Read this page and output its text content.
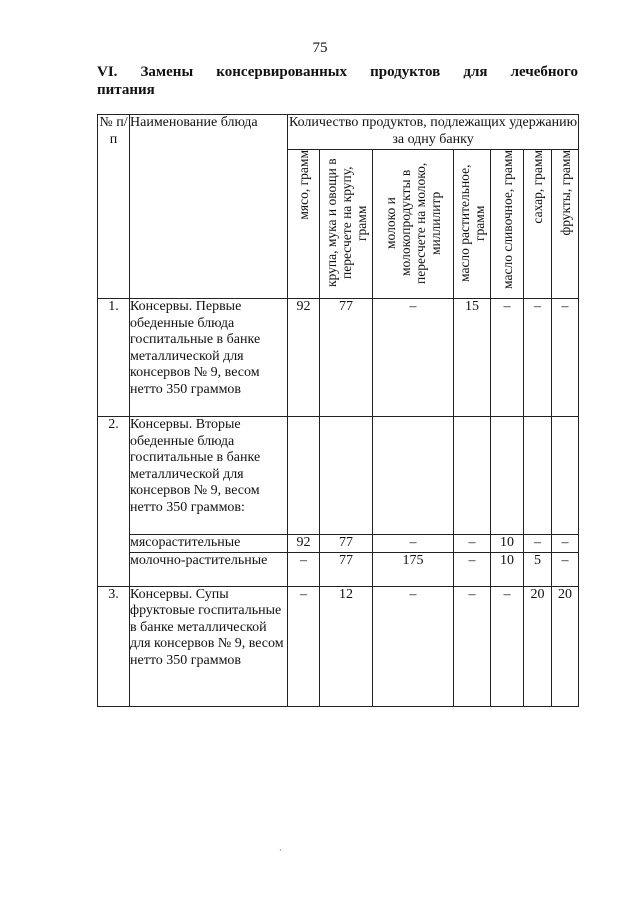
75
VI. Замены консервированных продуктов для лечебного
питания
№ п/п	Наименование блюда	Количество продуктов, подлежащих удержанию за одну банку						

		мясо, грамм	крупа, мука и овощи в пересчете на крупу, грамм	молоко и молокопродукты в пересчете на молоко, миллилитр	масло растительное, грамм	масло сливочное, грамм	сахар, грамм	фрукты, грамм

1.	Консервы. Первые обеденные блюда госпитальные в банке металлической для консервов № 9, весом нетто 350 граммов	92	77	–	15	–	–	–
2.	Консервы. Вторые обеденные блюда госпитальные в банке металлической для консервов № 9, весом нетто 350 граммов:							
	мясорастительные	92	77	–	–	10	–	–
	молочно-растительные	–	77	175	–	10	5	–
3.	Консервы. Супы фруктовые госпитальные в банке металлической для консервов № 9, весом нетто 350 граммов	–	12	–	–	–	20	20
·
